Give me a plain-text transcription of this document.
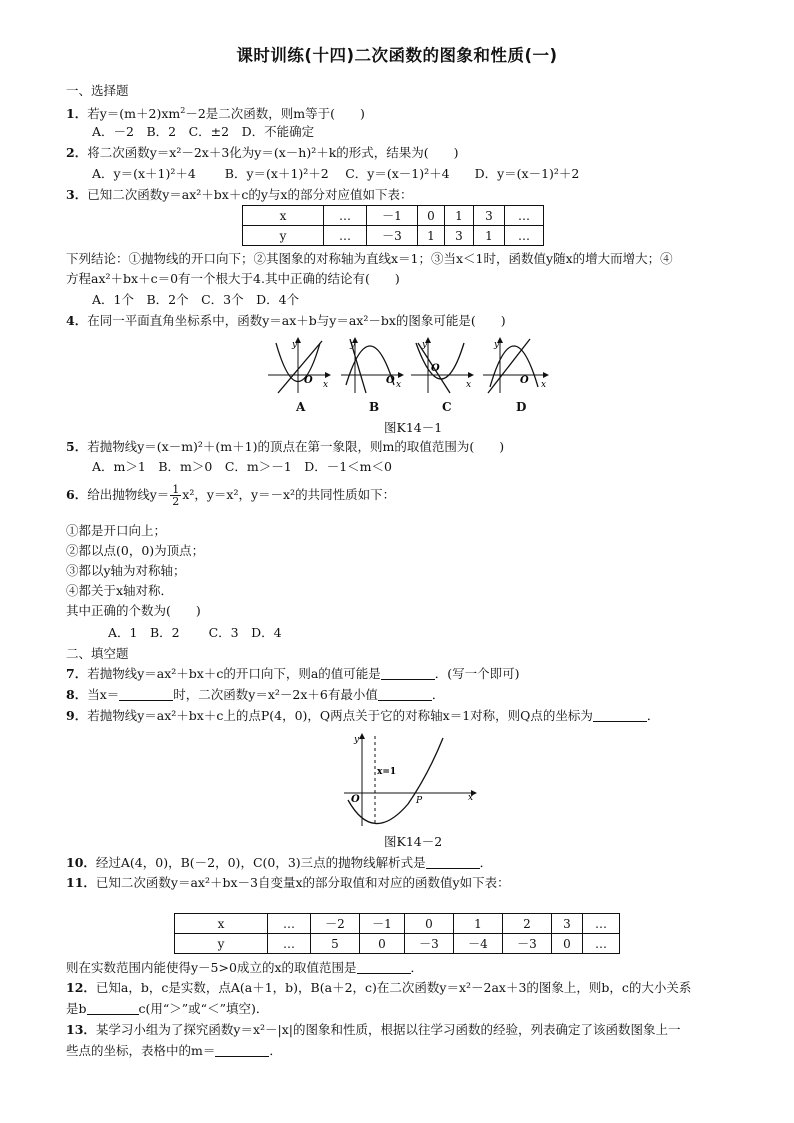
课时训练(十四)二次函数的图象和性质(一)
一、选择题
1．若$y=(m+2)xm^2-2$是二次函数，则m等于(　　)
A．－2　B．2　C．±2　D．不能确定
2．将二次函数y＝x²－2x＋3化为y＝(x－h)²＋k的形式，结果为(　　)
A．y＝(x＋1)²＋4　　 B．y＝(x＋1)²＋2　 C．y＝(x－1)²＋4　　D．y＝(x－1)²＋2
3．已知二次函数y＝ax²＋bx＋c的y与x的部分对应值如下表：
x	…	－1	0	1	3	…
y	…	－3	1	3	1	…
下列结论：①抛物线的开口向下；②其图象的对称轴为直线x＝1；③当x＜1时，函数值y随x的增大而增大；④
方程ax²＋bx＋c＝0有一个根大于4.其中正确的结论有(　　)
A．1个　B．2个　C．3个　D．4个
4．在同一平面直角坐标系中，函数y＝ax＋b与y＝ax²－bx的图象可能是(　　)
y
O x
y
O x
y
O
x
y
O x
A	B	C	D
图K14－1
5．若抛物线y＝(x－m)²＋(m＋1)的顶点在第一象限，则m的取值范围为(　　)
A．m＞1　B．m＞0　C．m＞－1　D．－1＜m＜0
6．给出抛物线$y= \frac{1}{2} x^2$，y＝x²，y＝－x²的共同性质如下：
①都是开口向上；
②都以点(0，0)为顶点；
③都以y轴为对称轴；
④都关于x轴对称．
其中正确的个数为(　　)
A．1　B．2　　 C．3　D．4
二、填空题
7．若抛物线y＝ax²＋bx＋c的开口向下，则a的值可能是	．(写一个即可)
8．当x＝	时，二次函数y＝x²－2x＋6有最小值	．
9．若抛物线y＝ax²＋bx＋c上的点P(4，0)，Q两点关于它的对称轴x＝1对称，则Q点的坐标为	．
y
x
O
x=1
P
图K14－2
10．经过A(4，0)，B(－2，0)，C(0，3)三点的抛物线解析式是	．
11．已知二次函数y＝ax²＋bx－3自变量x的部分取值和对应的函数值y如下表：
x	…	－2	－1	0	1	2	3	…
y	…	5	0	－3	－4	－3	0	…
则在实数范围内能使得y－5>0成立的x的取值范围是	．
12．已知a，b，c是实数，点A(a＋1，b)，B(a＋2，c)在二次函数y＝x²－2ax＋3的图象上，则b，c的大小关系
是b	c(用“＞”或“＜”填空)．
13．某学习小组为了探究函数y＝x²－|x|的图象和性质，根据以往学习函数的经验，列表确定了该函数图象上一
些点的坐标，表格中的m＝	．
